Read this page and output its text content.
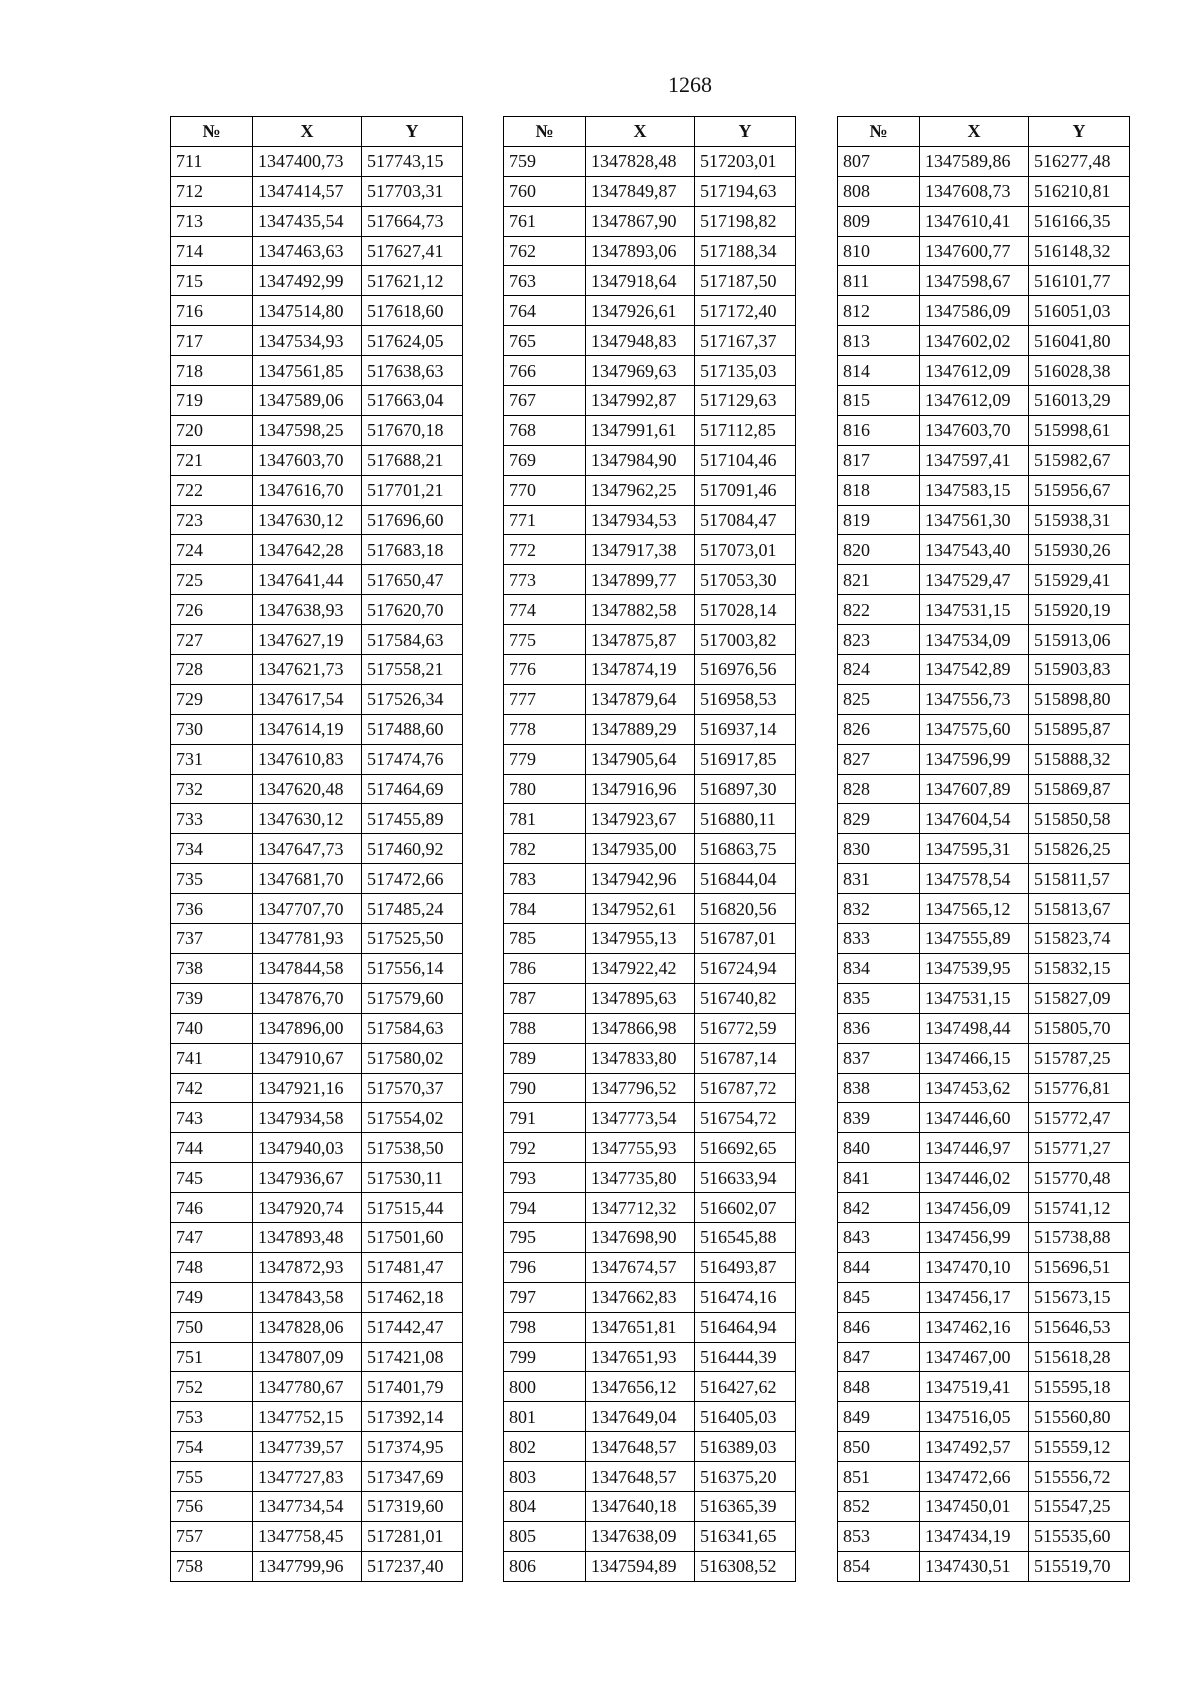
1268
№	X	Y
711	1347400,73	517743,15
712	1347414,57	517703,31
713	1347435,54	517664,73
714	1347463,63	517627,41
715	1347492,99	517621,12
716	1347514,80	517618,60
717	1347534,93	517624,05
718	1347561,85	517638,63
719	1347589,06	517663,04
720	1347598,25	517670,18
721	1347603,70	517688,21
722	1347616,70	517701,21
723	1347630,12	517696,60
724	1347642,28	517683,18
725	1347641,44	517650,47
726	1347638,93	517620,70
727	1347627,19	517584,63
728	1347621,73	517558,21
729	1347617,54	517526,34
730	1347614,19	517488,60
731	1347610,83	517474,76
732	1347620,48	517464,69
733	1347630,12	517455,89
734	1347647,73	517460,92
735	1347681,70	517472,66
736	1347707,70	517485,24
737	1347781,93	517525,50
738	1347844,58	517556,14
739	1347876,70	517579,60
740	1347896,00	517584,63
741	1347910,67	517580,02
742	1347921,16	517570,37
743	1347934,58	517554,02
744	1347940,03	517538,50
745	1347936,67	517530,11
746	1347920,74	517515,44
747	1347893,48	517501,60
748	1347872,93	517481,47
749	1347843,58	517462,18
750	1347828,06	517442,47
751	1347807,09	517421,08
752	1347780,67	517401,79
753	1347752,15	517392,14
754	1347739,57	517374,95
755	1347727,83	517347,69
756	1347734,54	517319,60
757	1347758,45	517281,01
758	1347799,96	517237,40
№	X	Y
759	1347828,48	517203,01
760	1347849,87	517194,63
761	1347867,90	517198,82
762	1347893,06	517188,34
763	1347918,64	517187,50
764	1347926,61	517172,40
765	1347948,83	517167,37
766	1347969,63	517135,03
767	1347992,87	517129,63
768	1347991,61	517112,85
769	1347984,90	517104,46
770	1347962,25	517091,46
771	1347934,53	517084,47
772	1347917,38	517073,01
773	1347899,77	517053,30
774	1347882,58	517028,14
775	1347875,87	517003,82
776	1347874,19	516976,56
777	1347879,64	516958,53
778	1347889,29	516937,14
779	1347905,64	516917,85
780	1347916,96	516897,30
781	1347923,67	516880,11
782	1347935,00	516863,75
783	1347942,96	516844,04
784	1347952,61	516820,56
785	1347955,13	516787,01
786	1347922,42	516724,94
787	1347895,63	516740,82
788	1347866,98	516772,59
789	1347833,80	516787,14
790	1347796,52	516787,72
791	1347773,54	516754,72
792	1347755,93	516692,65
793	1347735,80	516633,94
794	1347712,32	516602,07
795	1347698,90	516545,88
796	1347674,57	516493,87
797	1347662,83	516474,16
798	1347651,81	516464,94
799	1347651,93	516444,39
800	1347656,12	516427,62
801	1347649,04	516405,03
802	1347648,57	516389,03
803	1347648,57	516375,20
804	1347640,18	516365,39
805	1347638,09	516341,65
806	1347594,89	516308,52
№	X	Y
807	1347589,86	516277,48
808	1347608,73	516210,81
809	1347610,41	516166,35
810	1347600,77	516148,32
811	1347598,67	516101,77
812	1347586,09	516051,03
813	1347602,02	516041,80
814	1347612,09	516028,38
815	1347612,09	516013,29
816	1347603,70	515998,61
817	1347597,41	515982,67
818	1347583,15	515956,67
819	1347561,30	515938,31
820	1347543,40	515930,26
821	1347529,47	515929,41
822	1347531,15	515920,19
823	1347534,09	515913,06
824	1347542,89	515903,83
825	1347556,73	515898,80
826	1347575,60	515895,87
827	1347596,99	515888,32
828	1347607,89	515869,87
829	1347604,54	515850,58
830	1347595,31	515826,25
831	1347578,54	515811,57
832	1347565,12	515813,67
833	1347555,89	515823,74
834	1347539,95	515832,15
835	1347531,15	515827,09
836	1347498,44	515805,70
837	1347466,15	515787,25
838	1347453,62	515776,81
839	1347446,60	515772,47
840	1347446,97	515771,27
841	1347446,02	515770,48
842	1347456,09	515741,12
843	1347456,99	515738,88
844	1347470,10	515696,51
845	1347456,17	515673,15
846	1347462,16	515646,53
847	1347467,00	515618,28
848	1347519,41	515595,18
849	1347516,05	515560,80
850	1347492,57	515559,12
851	1347472,66	515556,72
852	1347450,01	515547,25
853	1347434,19	515535,60
854	1347430,51	515519,70
